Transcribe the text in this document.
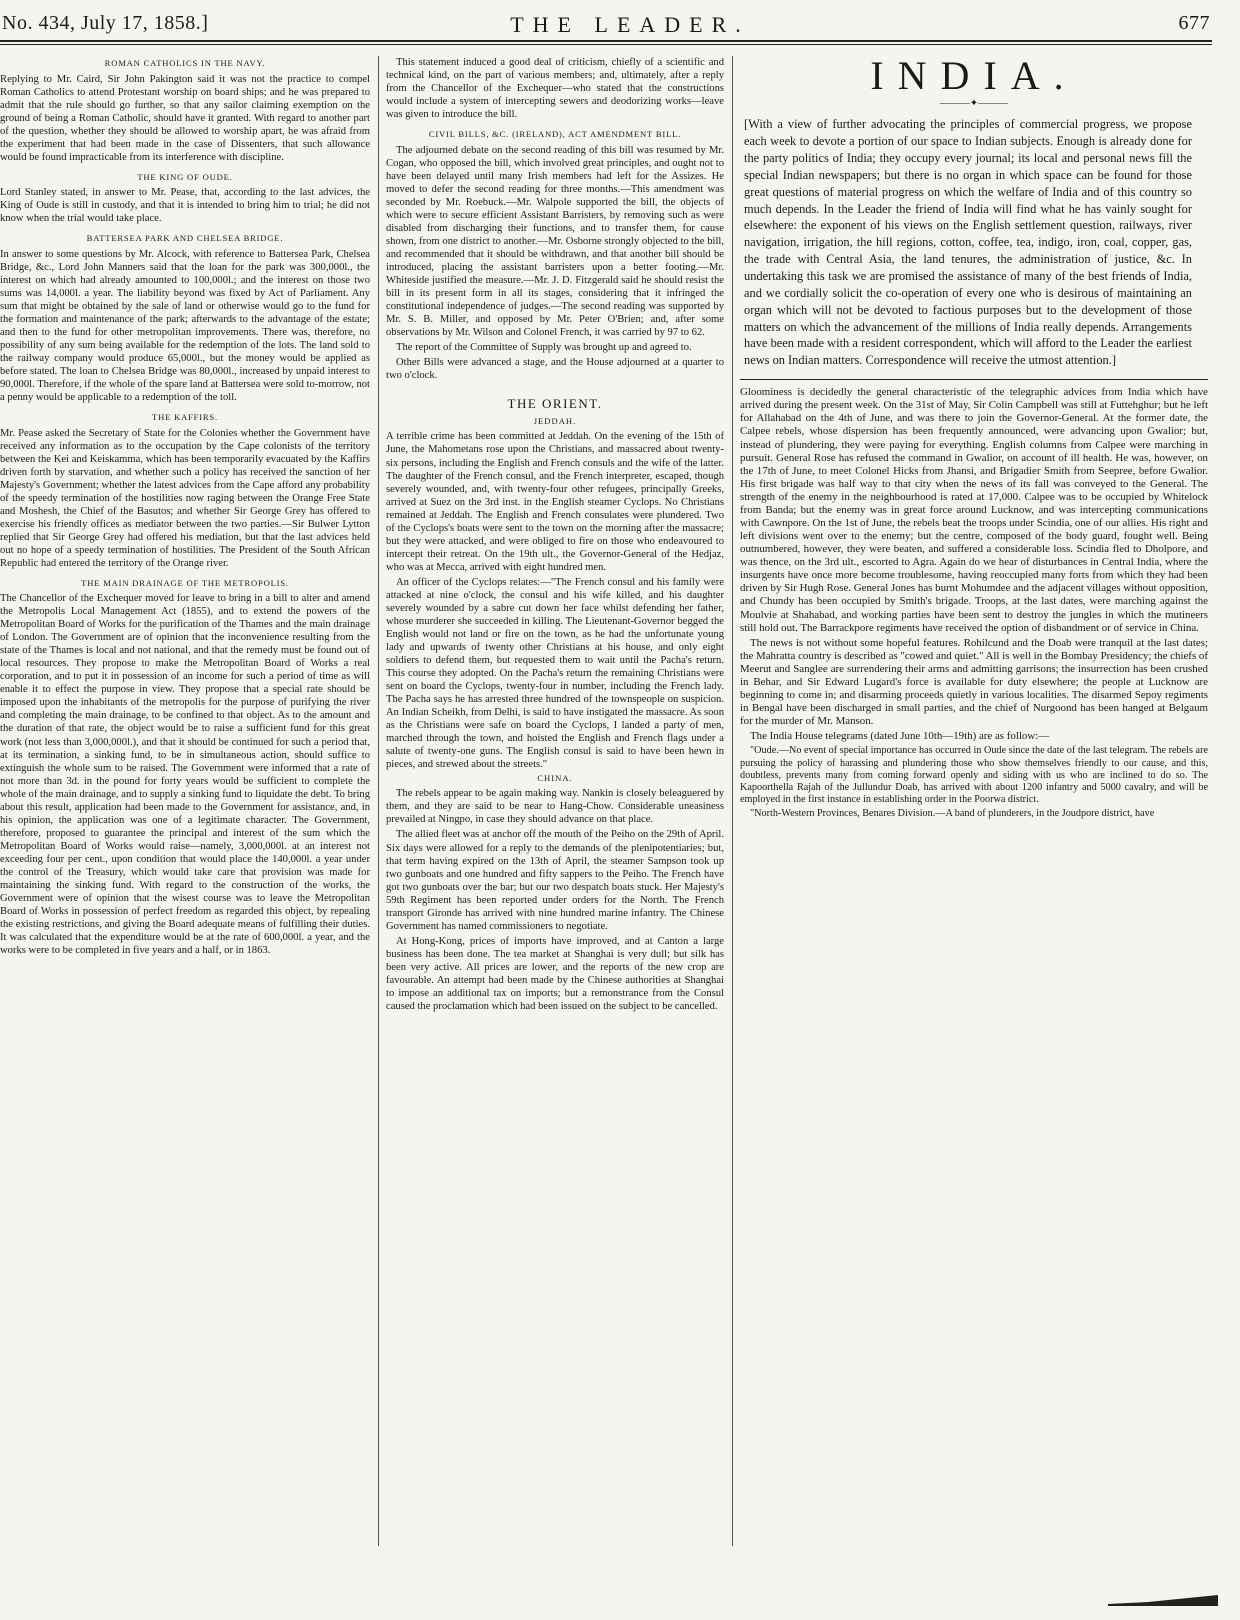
No. 434, July 17, 1858.]	THE LEADER.	677
ROMAN CATHOLICS IN THE NAVY.

Replying to Mr. Caird, Sir John Pakington said it was not the practice to compel Roman Catholics to attend Protestant worship on board ships; and he was prepared to admit that the rule should go further, so that any sailor claiming exemption on the ground of being a Roman Catholic, should have it granted. With regard to another part of the question, whether they should be allowed to worship apart, he was afraid from the experiment that had been made in the case of Dissenters, that such allowance would be found impracticable from its interference with discipline.

THE KING OF OUDE.

Lord Stanley stated, in answer to Mr. Pease, that, according to the last advices, the King of Oude is still in custody, and that it is intended to bring him to trial; he did not know when the trial would take place.

BATTERSEA PARK AND CHELSEA BRIDGE.

In answer to some questions by Mr. Alcock, with reference to Battersea Park, Chelsea Bridge, &c., Lord John Manners said that the loan for the park was 300,000l., the interest on which had already amounted to 100,000l.; and the interest on those two sums was 14,000l. a year. The liability beyond was fixed by Act of Parliament. Any sum that might be obtained by the sale of land or otherwise would go to the fund for the formation and maintenance of the park; afterwards to the advantage of the estate; and then to the fund for other metropolitan improvements. There was, therefore, no possibility of any sum being available for the redemption of the lots. The land sold to the railway company would produce 65,000l., but the money would be applied as before stated. The loan to Chelsea Bridge was 80,000l., increased by unpaid interest to 90,000l. Therefore, if the whole of the spare land at Battersea were sold to-morrow, not a penny would be applicable to a redemption of the toll.

THE KAFFIRS.

Mr. Pease asked the Secretary of State for the Colonies whether the Government have received any information as to the occupation by the Cape colonists of the territory between the Kei and Keiskamma, which has been temporarily evacuated by the Kaffirs driven forth by starvation, and whether such a policy has received the sanction of her Majesty's Government; whether the latest advices from the Cape afford any probability of the speedy termination of the hostilities now raging between the Orange Free State and Moshesh, the Chief of the Basutos; and whether Sir George Grey has offered to exercise his friendly offices as mediator between the two parties.—Sir Bulwer Lytton replied that Sir George Grey had offered his mediation, but that the last advices held out no hope of a speedy termination of hostilities. The President of the South African Republic had entered the territory of the Orange river.

THE MAIN DRAINAGE OF THE METROPOLIS.

The Chancellor of the Exchequer moved for leave to bring in a bill to alter and amend the Metropolis Local Management Act (1855), and to extend the powers of the Metropolitan Board of Works for the purification of the Thames and the main drainage of London. The Government are of opinion that the inconvenience resulting from the state of the Thames is local and not national, and that the remedy must be found out of local resources. They propose to make the Metropolitan Board of Works a real corporation, and to put it in possession of an income for such a period of time as will enable it to effect the purpose in view. They propose that a special rate should be imposed upon the inhabitants of the metropolis for the purpose of purifying the river and completing the main drainage, to be confined to that object. As to the amount and the duration of that rate, the object would be to raise a sufficient fund for this great work (not less than 3,000,000l.), and that it should be continued for such a period that, at its termination, a sinking fund, to be in simultaneous action, should suffice to extinguish the whole sum to be raised. The Government were informed that a rate of not more than 3d. in the pound for forty years would be sufficient to complete the whole of the main drainage, and to supply a sinking fund to liquidate the debt. To bring about this result, application had been made to the Government for assistance, and, in his opinion, the application was one of a legitimate character. The Government, therefore, proposed to guarantee the principal and interest of the sum which the Metropolitan Board of Works would raise—namely, 3,000,000l. at an interest not exceeding four per cent., upon condition that would place the 140,000l. a year under the control of the Treasury, which would take care that provision was made for maintaining the sinking fund. With regard to the construction of the works, the Government were of opinion that the wisest course was to leave the Metropolitan Board of Works in possession of perfect freedom as regarded this object, by repealing the existing restrictions, and giving the Board adequate means of fulfilling their duties. It was calculated that the expenditure would be at the rate of 600,000l. a year, and the works were to be completed in five years and a half, or in 1863.

This statement induced a good deal of criticism, chiefly of a scientific and technical kind, on the part of various members; and, ultimately, after a reply from the Chancellor of the Exchequer—who stated that the constructions would include a system of intercepting sewers and deodorizing works—leave was given to introduce the bill.

CIVIL BILLS, &C. (IRELAND), ACT AMENDMENT BILL.

The adjourned debate on the second reading of this bill was resumed by Mr. Cogan, who opposed the bill, which involved great principles, and ought not to have been delayed until many Irish members had left for the Assizes. He moved to defer the second reading for three months.—This amendment was seconded by Mr. Roebuck.—Mr. Walpole supported the bill, the objects of which were to secure efficient Assistant Barristers, by removing such as were disabled from discharging their functions, and to transfer them, for cause shown, from one district to another.—Mr. Osborne strongly objected to the bill, and recommended that it should be withdrawn, and that another bill should be introduced, placing the assistant barristers upon a better footing.—Mr. Whiteside justified the measure.—Mr. J. D. Fitzgerald said he should resist the bill in its present form in all its stages, considering that it infringed the constitutional independence of judges.—The second reading was supported by Mr. S. B. Miller, and opposed by Mr. Peter O'Brien; and, after some observations by Mr. Wilson and Colonel French, it was carried by 97 to 62.

The report of the Committee of Supply was brought up and agreed to.

Other Bills were advanced a stage, and the House adjourned at a quarter to two o'clock.

THE ORIENT.
JEDDAH.

A terrible crime has been committed at Jeddah. On the evening of the 15th of June, the Mahometans rose upon the Christians, and massacred about twenty-six persons, including the English and French consuls and the wife of the latter. The daughter of the French consul, and the French interpreter, escaped, though severely wounded, and, with twenty-four other refugees, principally Greeks, arrived at Suez on the 3rd inst. in the English steamer Cyclops. No Christians remained at Jeddah. The English and French consulates were plundered. Two of the Cyclops's boats were sent to the town on the morning after the massacre; but they were attacked, and were obliged to fire on those who endeavoured to intercept their retreat. On the 19th ult., the Governor-General of the Hedjaz, who was at Mecca, arrived with eight hundred men.

An officer of the Cyclops relates:—"The French consul and his family were attacked at nine o'clock, the consul and his wife killed, and his daughter severely wounded by a sabre cut down her face whilst defending her father, whose murderer she succeeded in killing. The Lieutenant-Governor begged the English would not land or fire on the town, as he had the unfortunate young lady and upwards of twenty other Christians at his house, and only eight soldiers to defend them, but requested them to wait until the Pacha's return. This course they adopted. On the Pacha's return the remaining Christians were sent on board the Cyclops, twenty-four in number, including the French lady. The Pacha says he has arrested three hundred of the townspeople on suspicion. An Indian Scheikh, from Delhi, is said to have instigated the massacre. As soon as the Christians were safe on board the Cyclops, I landed a party of men, marched through the town, and hoisted the English and French flags under a salute of twenty-one guns. The English consul is said to have been hewn in pieces, and strewed about the streets."

CHINA.

The rebels appear to be again making way. Nankin is closely beleaguered by them, and they are said to be near to Hang-Chow. Considerable uneasiness prevailed at Ningpo, in case they should advance on that place.

The allied fleet was at anchor off the mouth of the Peiho on the 29th of April. Six days were allowed for a reply to the demands of the plenipotentiaries; but, that term having expired on the 13th of April, the steamer Sampson took up two gunboats and one hundred and fifty sappers to the Peiho. The French have got two gunboats over the bar; but our two despatch boats stuck. Her Majesty's 59th Regiment has been reported under orders for the North. The French transport Gironde has arrived with nine hundred marine infantry. The Chinese Government has named commissioners to negotiate.

At Hong-Kong, prices of imports have improved, and at Canton a large business has been done. The tea market at Shanghai is very dull; but silk has been very active. All prices are lower, and the reports of the new crop are favourable. An attempt had been made by the Chinese authorities at Shanghai to impose an additional tax on imports; but a remonstrance from the Consul caused the proclamation which had been issued on the subject to be cancelled.

INDIA.
———✦———
[With a view of further advocating the principles of commercial progress, we propose each week to devote a portion of our space to Indian subjects. Enough is already done for the party politics of India; they occupy every journal; its local and personal news fill the special Indian newspapers; but there is no organ in which space can be found for those great questions of material progress on which the welfare of India and of this country so much depends. In the Leader the friend of India will find what he has vainly sought for elsewhere: the exponent of his views on the English settlement question, railways, river navigation, irrigation, the hill regions, cotton, coffee, tea, indigo, iron, coal, copper, gas, the trade with Central Asia, the land tenures, the administration of justice, &c. In undertaking this task we are promised the assistance of many of the best friends of India, and we cordially solicit the co-operation of every one who is desirous of maintaining an organ which will not be devoted to factious purposes but to the development of those matters on which the advancement of the millions of India really depends. Arrangements have been made with a resident correspondent, which will afford to the Leader the earliest news on Indian matters. Correspondence will receive the utmost attention.]

Gloominess is decidedly the general characteristic of the telegraphic advices from India which have arrived during the present week. On the 31st of May, Sir Colin Campbell was still at Futtehghur; but he left for Allahabad on the 4th of June, and was there to join the Governor-General. At the former date, the Calpee rebels, whose dispersion has been frequently announced, were advancing upon Gwalior; but, instead of plundering, they were paying for everything. English columns from Calpee were marching in pursuit. General Rose has refused the command in Gwalior, on account of ill health. He was, however, on the 17th of June, to meet Colonel Hicks from Jhansi, and Brigadier Smith from Seepree, before Gwalior. His first brigade was half way to that city when the news of its fall was conveyed to the General. The strength of the enemy in the neighbourhood is rated at 17,000. Calpee was to be occupied by Whitelock from Banda; but the enemy was in great force around Lucknow, and was intercepting communications with Cawnpore. On the 1st of June, the rebels beat the troops under Scindia, one of our allies. His right and left divisions went over to the enemy; but the centre, composed of the body guard, fought well. Being outnumbered, however, they were beaten, and suffered a considerable loss. Scindia fled to Dholpore, and was thence, on the 3rd ult., escorted to Agra. Again do we hear of disturbances in Central India, where the insurgents have once more become troublesome, having reoccupied many forts from which they had been driven by Sir Hugh Rose. General Jones has burnt Mohumdee and the adjacent villages without opposition, and Chundy has been occupied by Smith's brigade. Troops, at the last dates, were marching against the Moulvie at Shahabad, and working parties have been sent to destroy the jungles in which the mutineers still hold out. The Barrackpore regiments have received the option of disbandment or of service in China.

The news is not without some hopeful features. Rohilcund and the Doab were tranquil at the last dates; the Mahratta country is described as "cowed and quiet." All is well in the Bombay Presidency; the chiefs of Meerut and Sanglee are surrendering their arms and admitting garrisons; the insurrection has been crushed in Behar, and Sir Edward Lugard's force is available for duty elsewhere; the people at Lucknow are beginning to come in; and disarming proceeds quietly in various localities. The disarmed Sepoy regiments in Bengal have been discharged in small parties, and the chief of Nurgoond has been hanged at Belgaum for the murder of Mr. Manson.

The India House telegrams (dated June 10th—19th) are as follow:—

"Oude.—No event of special importance has occurred in Oude since the date of the last telegram. The rebels are pursuing the policy of harassing and plundering those who show themselves friendly to our cause, and this, doubtless, prevents many from coming forward openly and siding with us who are inclined to do so. The Kapoorthella Rajah of the Jullundur Doab, has arrived with about 1200 infantry and 5000 cavalry, and will be employed in the first instance in establishing order in the Poorwa district.

"North-Western Provinces, Benares Division.—A band of plunderers, in the Joudpore district, have
